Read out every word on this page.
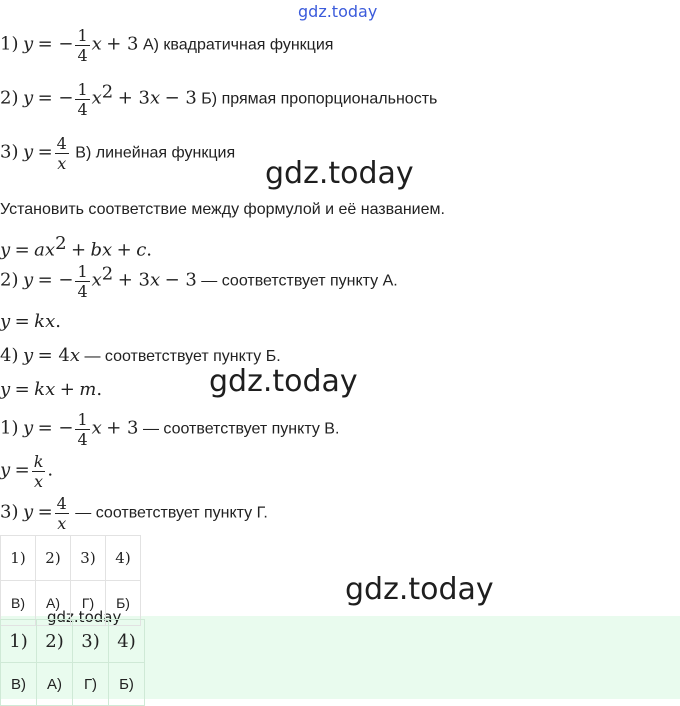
gdz.today
gdz.today
gdz.today
gdz.today
gdz.today
1) y = − $\frac{1}{4}$ x + 3 А) квадратичная функция
2) y = − $\frac{1}{4} x^2 + 3x - 3$ Б) прямая пропорциональность
3) $y = \frac{4}{x} В$) линейная функция
Установить соответствие между формулой и её названием.
$y = ax^2$ + bx + c.
2) y = − $\frac{1}{4} x^2 + 3x - 3$ — соответствует пункту А.
y = kx.
4) y = 4x — соответствует пункту Б.
y = kx + m.
1) y = − $\frac{1}{4}$ x + 3 — соответствует пункту В.
$y = \frac{k}{x}$ .
3) $y = \frac{4}{x}$ — соответствует пункту Г.
1)	2)	3)	4)
В)	А)	Г)	Б)
1)	2)	3)	4)
В)	А)	Г)	Б)
